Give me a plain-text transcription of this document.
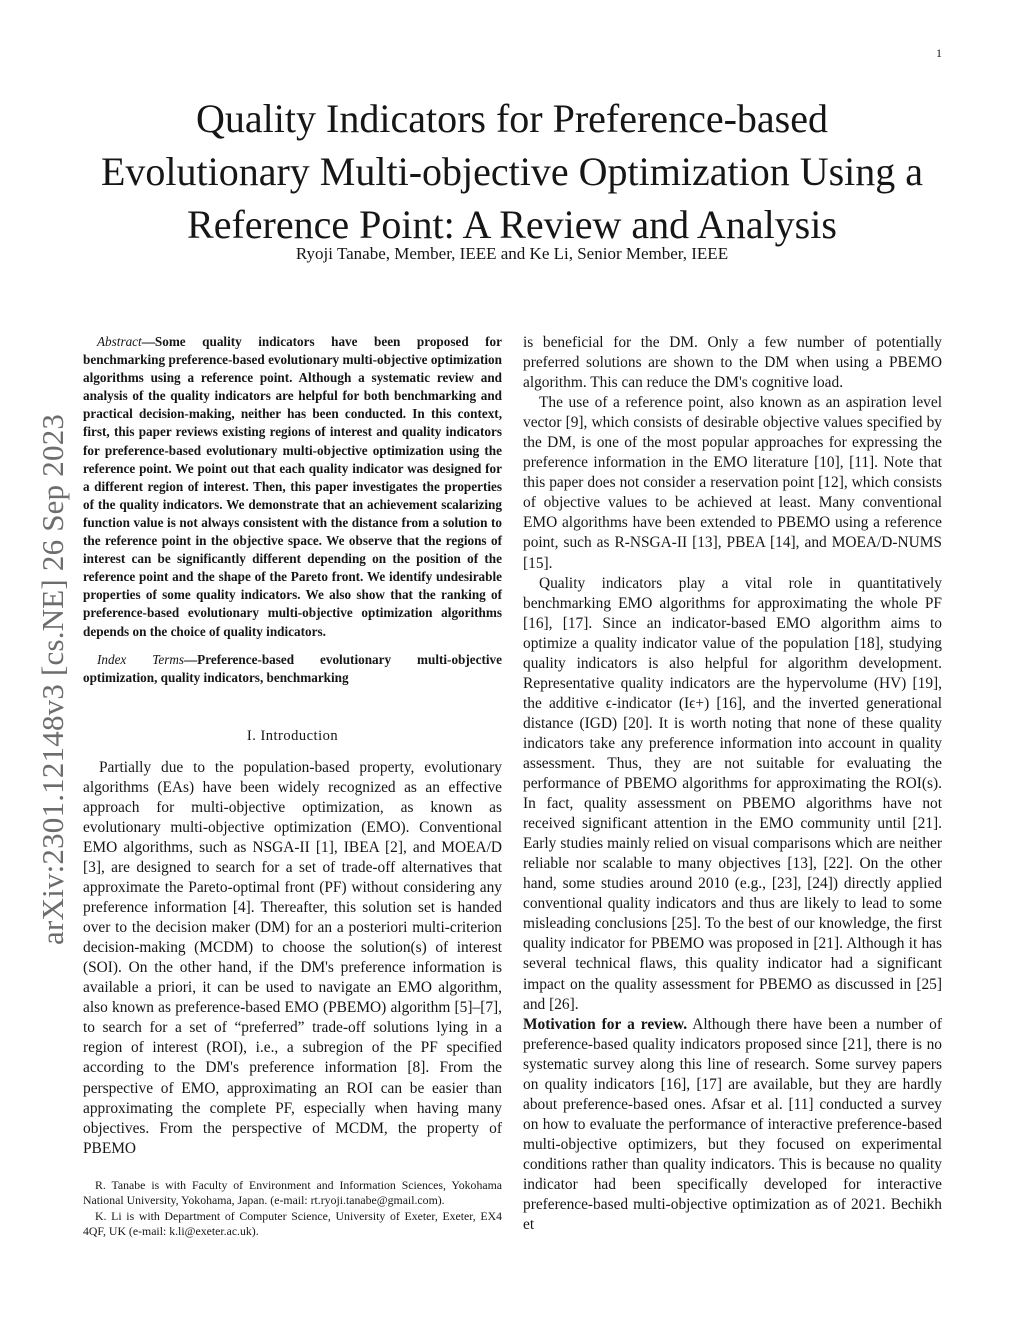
1
arXiv:2301.12148v3 [cs.NE] 26 Sep 2023
Quality Indicators for Preference-based
Evolutionary Multi-objective Optimization Using a
Reference Point: A Review and Analysis
Ryoji Tanabe, Member, IEEE and Ke Li, Senior Member, IEEE

Abstract—Some quality indicators have been proposed for benchmarking preference-based evolutionary multi-objective optimization algorithms using a reference point. Although a systematic review and analysis of the quality indicators are helpful for both benchmarking and practical decision-making, neither has been conducted. In this context, first, this paper reviews existing regions of interest and quality indicators for preference-based evolutionary multi-objective optimization using the reference point. We point out that each quality indicator was designed for a different region of interest. Then, this paper investigates the properties of the quality indicators. We demonstrate that an achievement scalarizing function value is not always consistent with the distance from a solution to the reference point in the objective space. We observe that the regions of interest can be significantly different depending on the position of the reference point and the shape of the Pareto front. We identify undesirable properties of some quality indicators. We also show that the ranking of preference-based evolutionary multi-objective optimization algorithms depends on the choice of quality indicators.

Index Terms—Preference-based evolutionary multi-objective optimization, quality indicators, benchmarking

I. Introduction

Partially due to the population-based property, evolutionary algorithms (EAs) have been widely recognized as an effective approach for multi-objective optimization, as known as evolutionary multi-objective optimization (EMO). Conventional EMO algorithms, such as NSGA-II [1], IBEA [2], and MOEA/D [3], are designed to search for a set of trade-off alternatives that approximate the Pareto-optimal front (PF) without considering any preference information [4]. Thereafter, this solution set is handed over to the decision maker (DM) for an a posteriori multi-criterion decision-making (MCDM) to choose the solution(s) of interest (SOI). On the other hand, if the DM's preference information is available a priori, it can be used to navigate an EMO algorithm, also known as preference-based EMO (PBEMO) algorithm [5]–[7], to search for a set of “preferred” trade-off solutions lying in a region of interest (ROI), i.e., a subregion of the PF specified according to the DM's preference information [8]. From the perspective of EMO, approximating an ROI can be easier than approximating the complete PF, especially when having many objectives. From the perspective of MCDM, the property of PBEMO

R. Tanabe is with Faculty of Environment and Information Sciences, Yokohama National University, Yokohama, Japan. (e-mail: rt.ryoji.tanabe@gmail.com).

K. Li is with Department of Computer Science, University of Exeter, Exeter, EX4 4QF, UK (e-mail: k.li@exeter.ac.uk).

is beneficial for the DM. Only a few number of potentially preferred solutions are shown to the DM when using a PBEMO algorithm. This can reduce the DM's cognitive load.

The use of a reference point, also known as an aspiration level vector [9], which consists of desirable objective values specified by the DM, is one of the most popular approaches for expressing the preference information in the EMO literature [10], [11]. Note that this paper does not consider a reservation point [12], which consists of objective values to be achieved at least. Many conventional EMO algorithms have been extended to PBEMO using a reference point, such as R-NSGA-II [13], PBEA [14], and MOEA/D-NUMS [15].

Quality indicators play a vital role in quantitatively benchmarking EMO algorithms for approximating the whole PF [16], [17]. Since an indicator-based EMO algorithm aims to optimize a quality indicator value of the population [18], studying quality indicators is also helpful for algorithm development. Representative quality indicators are the hypervolume (HV) [19], the additive ϵ-indicator (Iϵ+) [16], and the inverted generational distance (IGD) [20]. It is worth noting that none of these quality indicators take any preference information into account in quality assessment. Thus, they are not suitable for evaluating the performance of PBEMO algorithms for approximating the ROI(s). In fact, quality assessment on PBEMO algorithms have not received significant attention in the EMO community until [21]. Early studies mainly relied on visual comparisons which are neither reliable nor scalable to many objectives [13], [22]. On the other hand, some studies around 2010 (e.g., [23], [24]) directly applied conventional quality indicators and thus are likely to lead to some misleading conclusions [25]. To the best of our knowledge, the first quality indicator for PBEMO was proposed in [21]. Although it has several technical flaws, this quality indicator had a significant impact on the quality assessment for PBEMO as discussed in [25] and [26].

Motivation for a review. Although there have been a number of preference-based quality indicators proposed since [21], there is no systematic survey along this line of research. Some survey papers on quality indicators [16], [17] are available, but they are hardly about preference-based ones. Afsar et al. [11] conducted a survey on how to evaluate the performance of interactive preference-based multi-objective optimizers, but they focused on experimental conditions rather than quality indicators. This is because no quality indicator had been specifically developed for interactive preference-based multi-objective optimization as of 2021. Bechikh et
